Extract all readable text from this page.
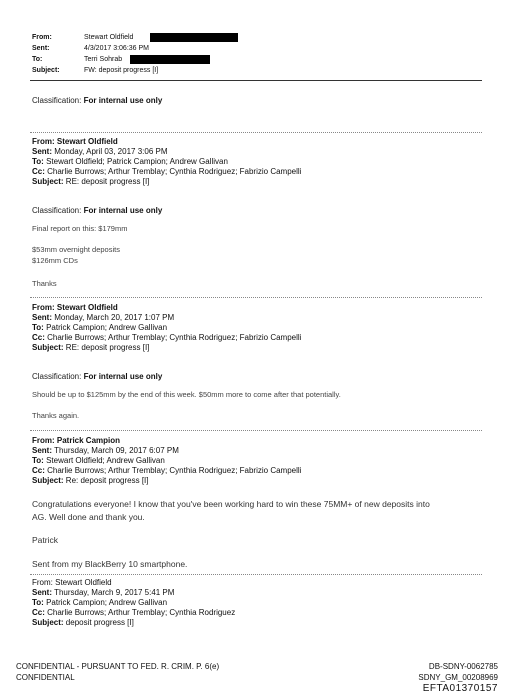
From:	Stewart Oldfield
Sent:	4/3/2017 3:06:36 PM
To:	Terri Sohrab
Subject:	FW: deposit progress [I]
Classification: For internal use only
From: Stewart Oldfield
Sent: Monday, April 03, 2017 3:06 PM
To: Stewart Oldfield; Patrick Campion; Andrew Gallivan
Cc: Charlie Burrows; Arthur Tremblay; Cynthia Rodriguez; Fabrizio Campelli
Subject: RE: deposit progress [I]
Classification: For internal use only
Final report on this: $179mm
$53mm overnight deposits
$126mm CDs
Thanks
From: Stewart Oldfield
Sent: Monday, March 20, 2017 1:07 PM
To: Patrick Campion; Andrew Gallivan
Cc: Charlie Burrows; Arthur Tremblay; Cynthia Rodriguez; Fabrizio Campelli
Subject: RE: deposit progress [I]
Classification: For internal use only
Should be up to $125mm by the end of this week. $50mm more to come after that potentially.
Thanks again.
From: Patrick Campion
Sent: Thursday, March 09, 2017 6:07 PM
To: Stewart Oldfield; Andrew Gallivan
Cc: Charlie Burrows; Arthur Tremblay; Cynthia Rodriguez; Fabrizio Campelli
Subject: Re: deposit progress [I]
Congratulations everyone! I know that you've been working hard to win these 75MM+ of new deposits into
AG. Well done and thank you.
Patrick
Sent from my BlackBerry 10 smartphone.
From: Stewart Oldfield
Sent: Thursday, March 9, 2017 5:41 PM
To: Patrick Campion; Andrew Gallivan
Cc: Charlie Burrows; Arthur Tremblay; Cynthia Rodriguez
Subject: deposit progress [I]
CONFIDENTIAL - PURSUANT TO FED. R. CRIM. P. 6(e)
CONFIDENTIAL
DB-SDNY-0062785
SDNY_GM_00208969
EFTA01370157
